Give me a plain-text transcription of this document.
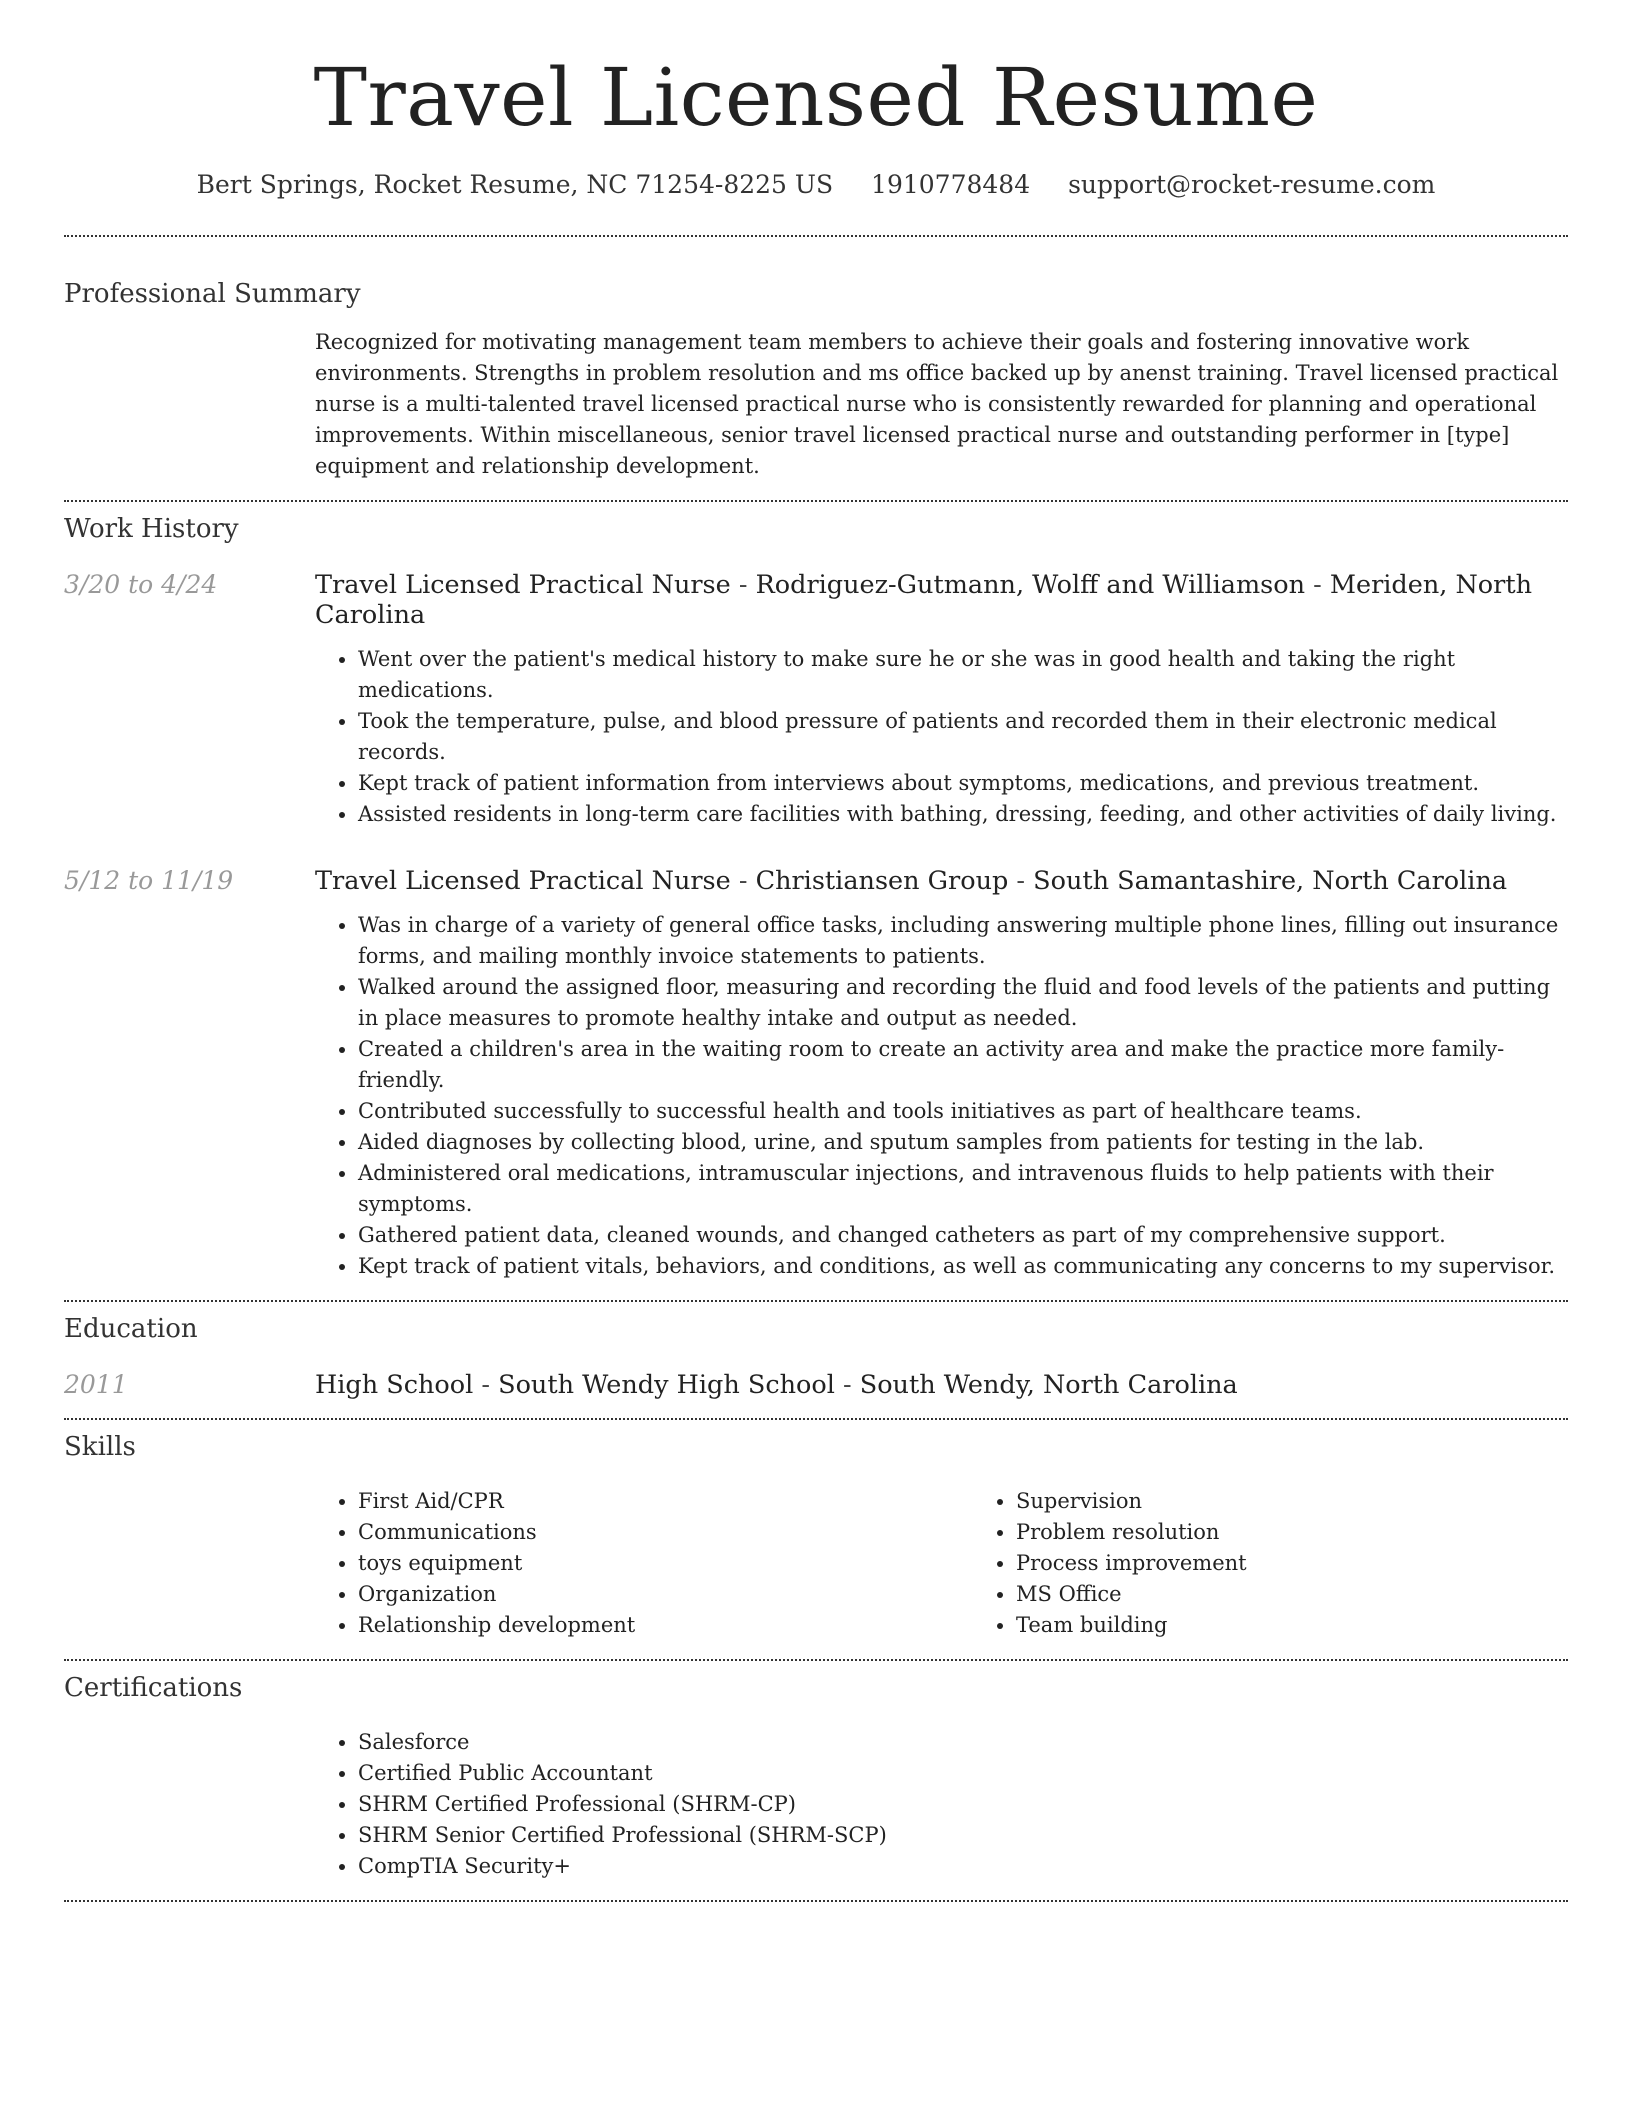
Travel Licensed Resume
Bert Springs, Rocket Resume, NC 71254-8225 US 1910778484 support@rocket-resume.com
Professional Summary
Recognized for motivating management team members to achieve their goals and fostering innovative work environments. Strengths in problem resolution and ms office backed up by anenst training. Travel licensed practical nurse is a multi-talented travel licensed practical nurse who is consistently rewarded for planning and operational improvements. Within miscellaneous, senior travel licensed practical nurse and outstanding performer in [type] equipment and relationship development.
Work History
3/20 to 4/24	Travel Licensed Practical Nurse - Rodriguez-Gutmann, Wolff and Williamson - Meriden, North Carolina
• Went over the patient's medical history to make sure he or she was in good health and taking the right medications.
• Took the temperature, pulse, and blood pressure of patients and recorded them in their electronic medical records.
• Kept track of patient information from interviews about symptoms, medications, and previous treatment.
• Assisted residents in long-term care facilities with bathing, dressing, feeding, and other activities of daily living.
5/12 to 11/19	Travel Licensed Practical Nurse - Christiansen Group - South Samantashire, North Carolina
• Was in charge of a variety of general office tasks, including answering multiple phone lines, filling out insurance forms, and mailing monthly invoice statements to patients.
• Walked around the assigned floor, measuring and recording the fluid and food levels of the patients and putting in place measures to promote healthy intake and output as needed.
• Created a children's area in the waiting room to create an activity area and make the practice more family-friendly.
• Contributed successfully to successful health and tools initiatives as part of healthcare teams.
• Aided diagnoses by collecting blood, urine, and sputum samples from patients for testing in the lab.
• Administered oral medications, intramuscular injections, and intravenous fluids to help patients with their symptoms.
• Gathered patient data, cleaned wounds, and changed catheters as part of my comprehensive support.
• Kept track of patient vitals, behaviors, and conditions, as well as communicating any concerns to my supervisor.
Education
2011	High School - South Wendy High School - South Wendy, North Carolina
Skills
• First Aid/CPR
• Communications
• toys equipment
• Organization
• Relationship development
• Supervision
• Problem resolution
• Process improvement
• MS Office
• Team building
Certifications
• Salesforce
• Certified Public Accountant
• SHRM Certified Professional (SHRM-CP)
• SHRM Senior Certified Professional (SHRM-SCP)
• CompTIA Security+
